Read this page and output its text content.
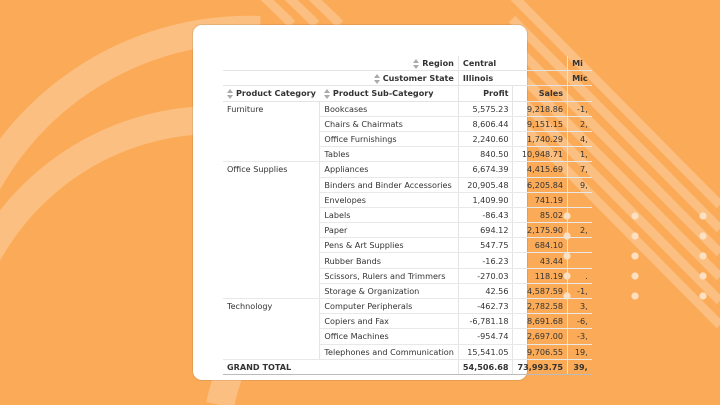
Region		Central		Mi

Customer State		Illinois		Mic

Product Category	Product Sub-Category	Profit	Sales	
Furniture	Bookcases	5,575.23	9,218.86	-1,
	Chairs & Chairmats	8,606.44	9,151.15	2,
	Office Furnishings	2,240.60	1,740.29	4,
	Tables	840.50	10,948.71	1,
Office Supplies	Appliances	6,674.39	4,415.69	7,
	Binders and Binder Accessories	20,905.48	6,205.84	9,
	Envelopes	1,409.90	741.19	
	Labels	-86.43	85.02	
	Paper	694.12	2,175.90	2,
	Pens & Art Supplies	547.75	684.10	
	Rubber Bands	-16.23	43.44	
	Scissors, Rulers and Trimmers	-270.03	118.19	.
	Storage & Organization	42.56	4,587.59	-1,
Technology	Computer Peripherals	-462.73	2,782.58	3,
	Copiers and Fax	-6,781.18	8,691.68	-6,
	Office Machines	-954.74	2,697.00	-3,
	Telephones and Communication	15,541.05	9,706.55	19,
GRAND TOTAL		54,506.68	73,993.75	39,
